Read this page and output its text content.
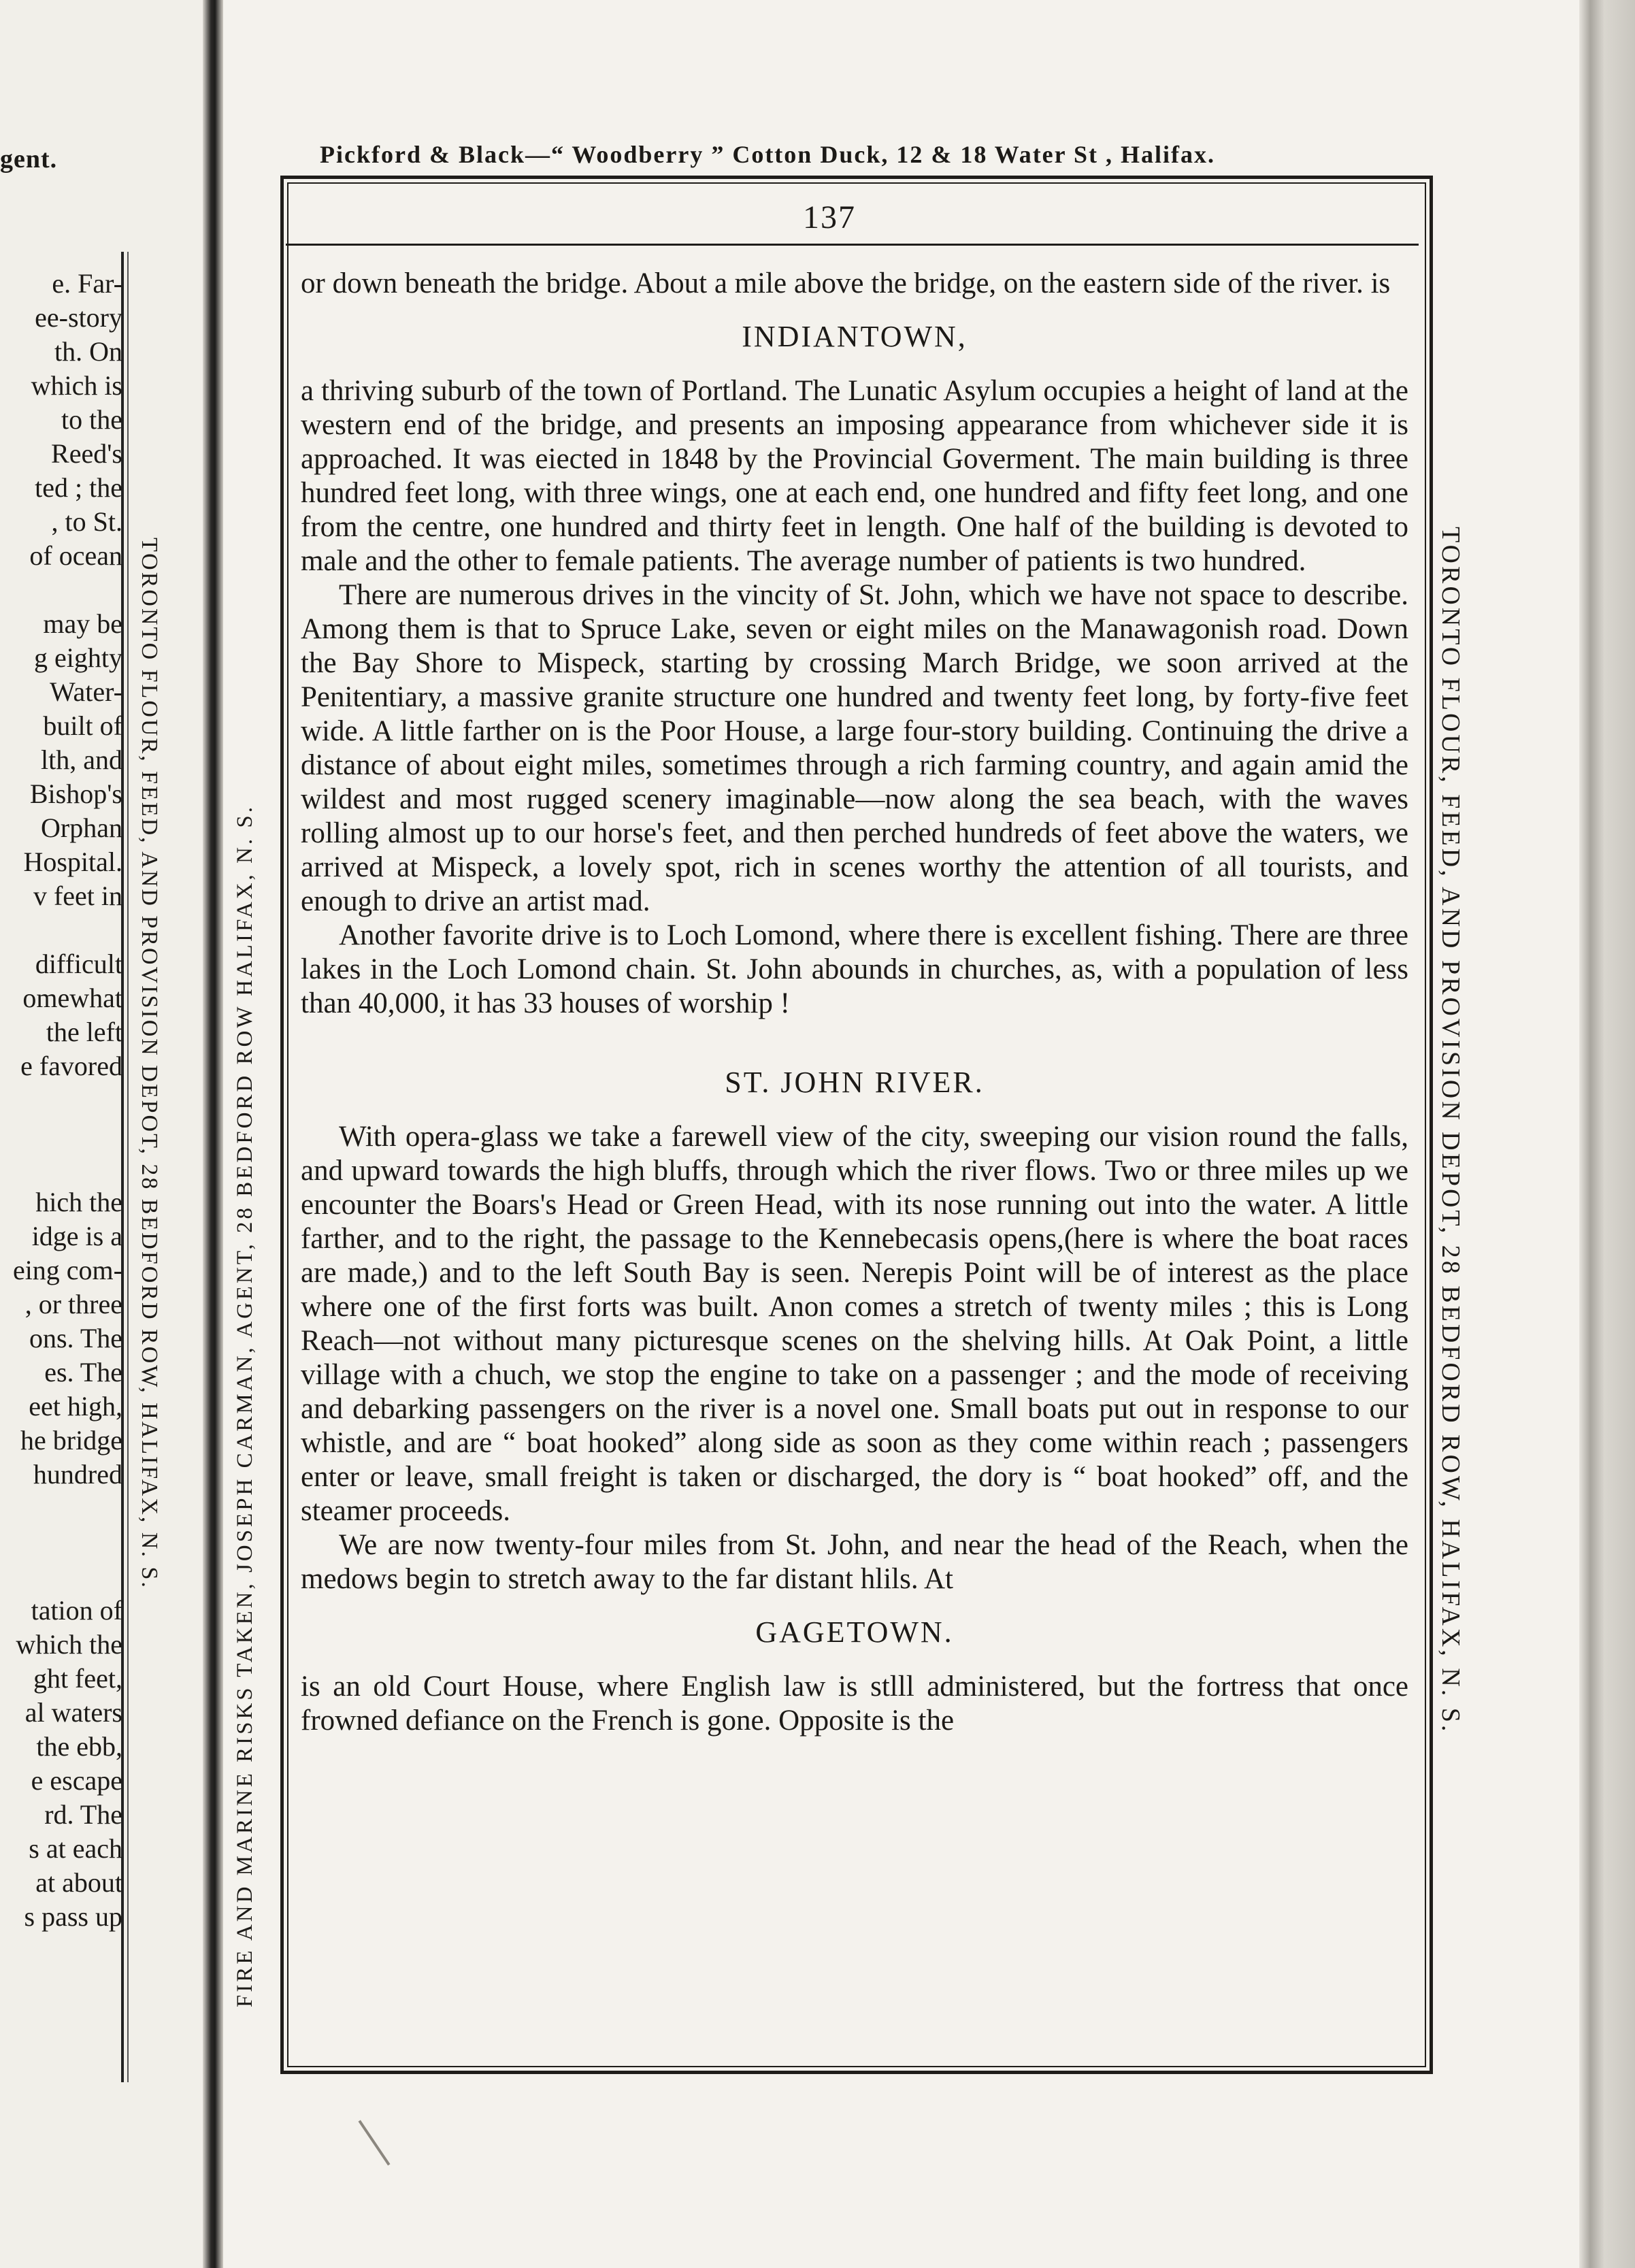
gent.
e. Far-
ee-story
th. On
which is
to the
Reed's
ted ; the
, to St.
of ocean
may be
g eighty
Water-
built of
lth, and
Bishop's
Orphan
Hospital.
v feet in
difficult
omewhat
the left
e favored
hich the
idge is a
eing com-
, or three
ons. The
es. The
eet high,
he bridge
hundred
tation of
which the
ght feet,
al waters
the ebb,
e escape
rd. The
s at each
at about
s pass up
TORONTO FLOUR, FEED, AND PROVISION DEPOT, 28 BEDFORD ROW, HALIFAX, N. S.
Pickford & Black—“ Woodberry ” Cotton Duck, 12 & 18 Water St , Halifax.
137
FIRE AND MARINE RISKS TAKEN, JOSEPH CARMAN, AGENT, 28 BEDFORD ROW HALIFAX, N. S.	TORONTO FLOUR, FEED, AND PROVISION DEPOT, 28 BEDFORD ROW, HALIFAX, N. S.

or down beneath the bridge. About a mile above the bridge, on the eastern side of the river. is

INDIANTOWN,

a thriving suburb of the town of Portland. The Lunatic Asylum occupies a height of land at the western end of the bridge, and presents an imposing appearance from whichever side it is approached. It was eiected in 1848 by the Provincial Goverment. The main building is three hundred feet long, with three wings, one at each end, one hundred and fifty feet long, and one from the centre, one hundred and thirty feet in length. One half of the building is devoted to male and the other to female patients. The average number of patients is two hundred.

There are numerous drives in the vincity of St. John, which we have not space to describe. Among them is that to Spruce Lake, seven or eight miles on the Manawagonish road. Down the Bay Shore to Mispeck, starting by crossing March Bridge, we soon arrived at the Penitentiary, a massive granite structure one hundred and twenty feet long, by forty-five feet wide. A little farther on is the Poor House, a large four-story building. Continuing the drive a distance of about eight miles, sometimes through a rich farming country, and again amid the wildest and most rugged scenery imaginable—now along the sea beach, with the waves rolling almost up to our horse's feet, and then perched hundreds of feet above the waters, we arrived at Mispeck, a lovely spot, rich in scenes worthy the attention of all tourists, and enough to drive an artist mad.

Another favorite drive is to Loch Lomond, where there is excellent fishing. There are three lakes in the Loch Lomond chain. St. John abounds in churches, as, with a population of less than 40,000, it has 33 houses of worship !

ST. JOHN RIVER.

With opera-glass we take a farewell view of the city, sweeping our vision round the falls, and upward towards the high bluffs, through which the river flows. Two or three miles up we encounter the Boars's Head or Green Head, with its nose running out into the water. A little farther, and to the right, the passage to the Kennebecasis opens,(here is where the boat races are made,) and to the left South Bay is seen. Nerepis Point will be of interest as the place where one of the first forts was built. Anon comes a stretch of twenty miles ; this is Long Reach—not without many picturesque scenes on the shelving hills. At Oak Point, a little village with a chuch, we stop the engine to take on a passenger ; and the mode of receiving and debarking passengers on the river is a novel one. Small boats put out in response to our whistle, and are “ boat hooked” along side as soon as they come within reach ; passengers enter or leave, small freight is taken or discharged, the dory is “ boat hooked” off, and the steamer proceeds.

We are now twenty-four miles from St. John, and near the head of the Reach, when the medows begin to stretch away to the far distant hlils. At

GAGETOWN.

is an old Court House, where English law is stlll administered, but the fortress that once frowned defiance on the French is gone. Opposite is the
